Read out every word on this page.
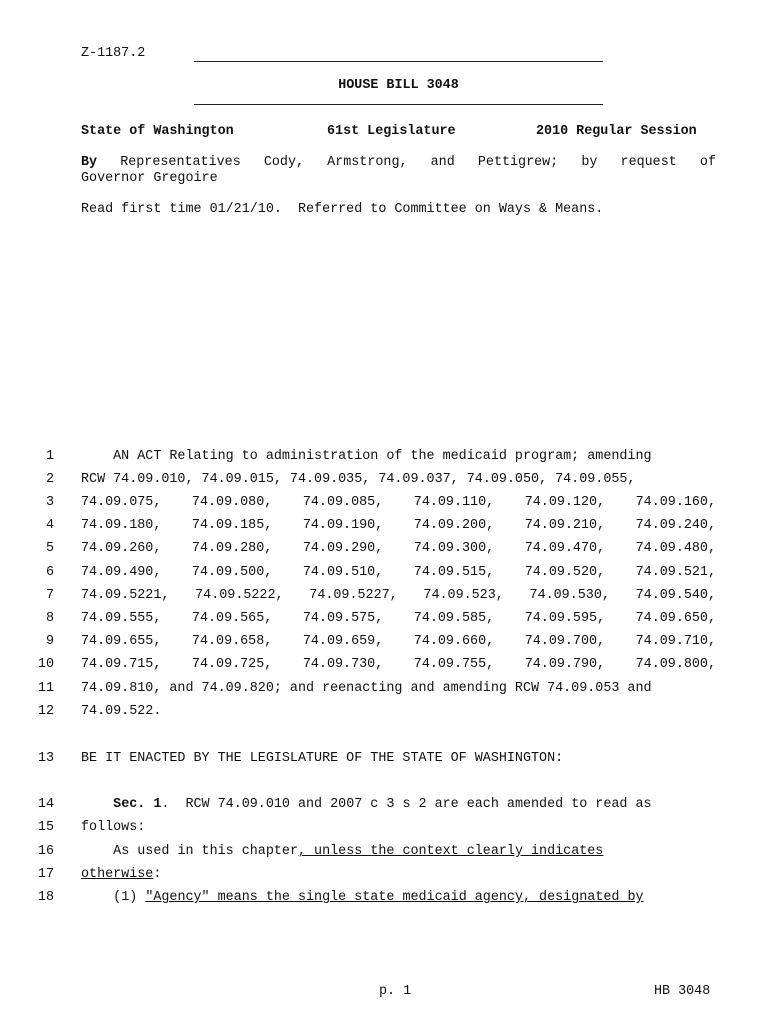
Z-1187.2
HOUSE BILL 3048
State of Washington	61st Legislature	2010 Regular Session
By Representatives Cody, Armstrong, and Pettigrew; by request of
Governor Gregoire
Read first time 01/21/10.  Referred to Committee on Ways & Means.
1 AN ACT Relating to administration of the medicaid program; amending
2 RCW 74.09.010, 74.09.015, 74.09.035, 74.09.037, 74.09.050, 74.09.055,
3 74.09.075, 74.09.080, 74.09.085, 74.09.110, 74.09.120, 74.09.160,
4 74.09.180, 74.09.185, 74.09.190, 74.09.200, 74.09.210, 74.09.240,
5 74.09.260, 74.09.280, 74.09.290, 74.09.300, 74.09.470, 74.09.480,
6 74.09.490, 74.09.500, 74.09.510, 74.09.515, 74.09.520, 74.09.521,
7 74.09.5221, 74.09.5222, 74.09.5227, 74.09.523, 74.09.530, 74.09.540,
8 74.09.555, 74.09.565, 74.09.575, 74.09.585, 74.09.595, 74.09.650,
9 74.09.655, 74.09.658, 74.09.659, 74.09.660, 74.09.700, 74.09.710,
10 74.09.715, 74.09.725, 74.09.730, 74.09.755, 74.09.790, 74.09.800,
11 74.09.810, and 74.09.820; and reenacting and amending RCW 74.09.053 and
12 74.09.522.
13 BE IT ENACTED BY THE LEGISLATURE OF THE STATE OF WASHINGTON:
14	Sec. 1.  RCW 74.09.010 and 2007 c 3 s 2 are each amended to read as
15 follows:
16	As used in this chapter, unless the context clearly indicates
17 otherwise:
18	(1) "Agency" means the single state medicaid agency, designated by
p. 1	HB 3048
